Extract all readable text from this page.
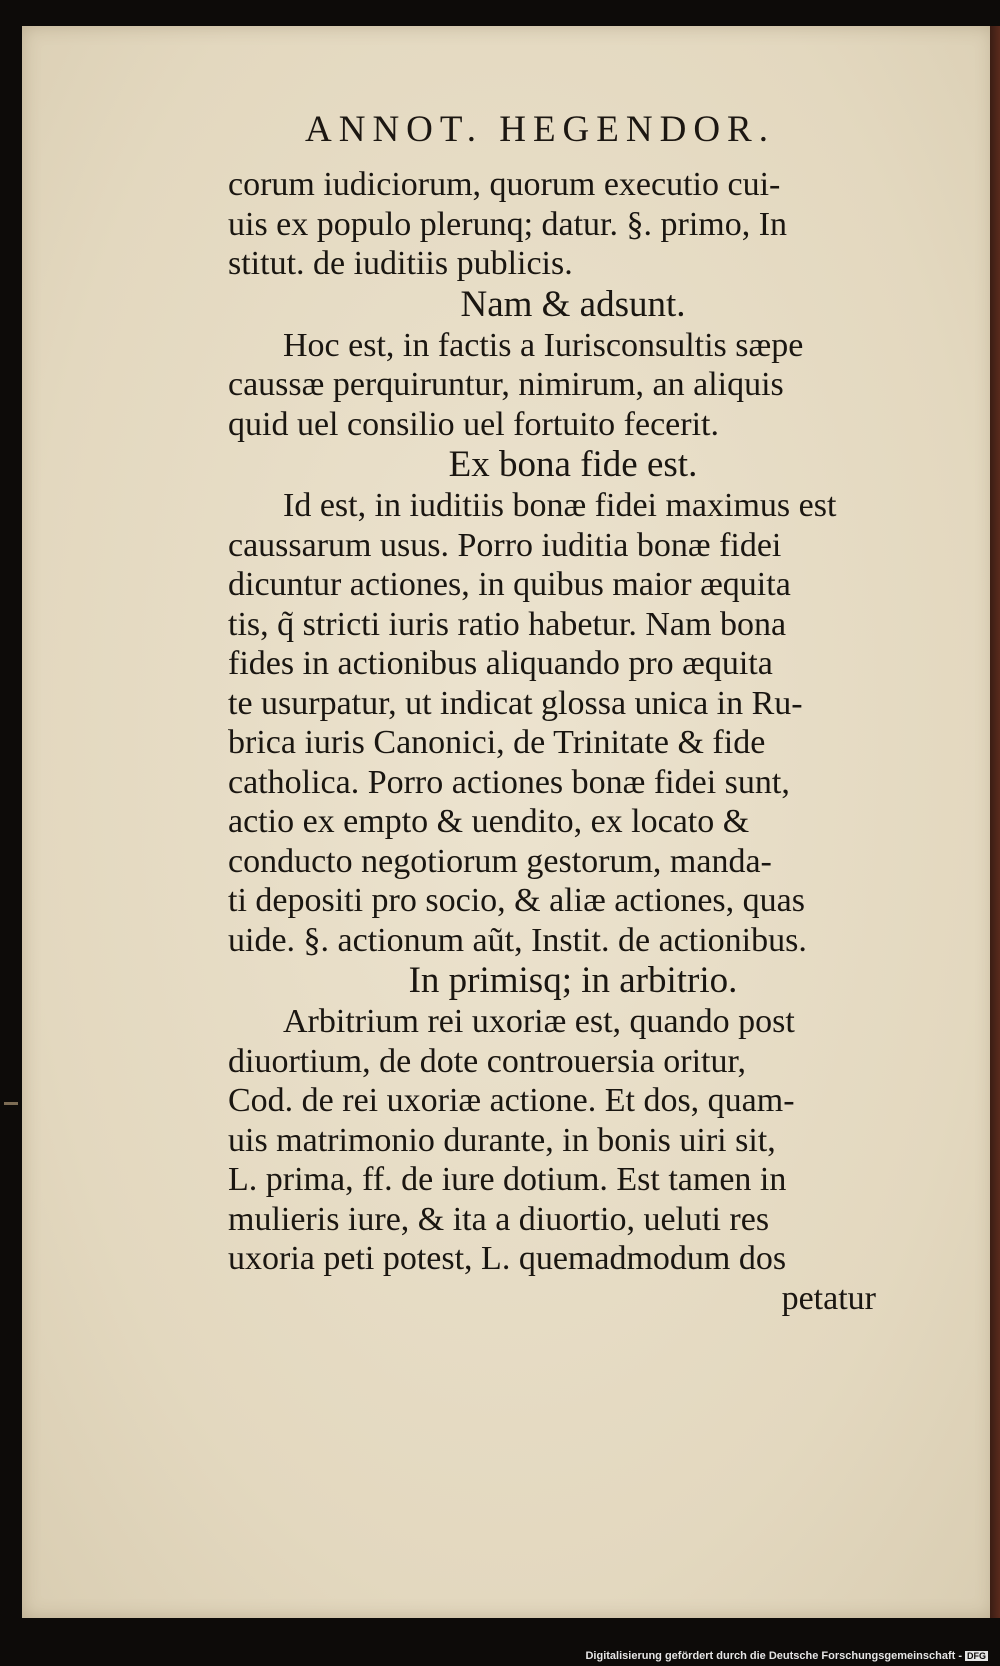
ANNOT. HEGENDOR.
corum iudiciorum, quorum executio cui-
uis ex populo plerunq; datur. §. primo, In
stitut. de iuditiis publicis.
Nam & adsunt.
Hoc est, in factis a Iurisconsultis sæpe
caussæ perquiruntur, nimirum, an aliquis
quid uel consilio uel fortuito fecerit.
Ex bona fide est.
Id est, in iuditiis bonæ fidei maximus est
caussarum usus. Porro iuditia bonæ fidei
dicuntur actiones, in quibus maior æquita
tis, q̃ stricti iuris ratio habetur. Nam bona
fides in actionibus aliquando pro æquita
te usurpatur, ut indicat glossa unica in Ru-
brica iuris Canonici, de Trinitate & fide
catholica. Porro actiones bonæ fidei sunt,
actio ex empto & uendito, ex locato &
conducto negotiorum gestorum, manda-
ti depositi pro socio, & aliæ actiones, quas
uide. §. actionum aũt, Instit. de actionibus.
In primisq; in arbitrio.
Arbitrium rei uxoriæ est, quando post
diuortium, de dote controuersia oritur,
Cod. de rei uxoriæ actione. Et dos, quam-
uis matrimonio durante, in bonis uiri sit,
L. prima, ff. de iure dotium. Est tamen in
mulieris iure, & ita a diuortio, ueluti res
uxoria peti potest, L. quemadmodum dos
petatur
Digitalisierung gefördert durch die Deutsche Forschungsgemeinschaft - DFG
